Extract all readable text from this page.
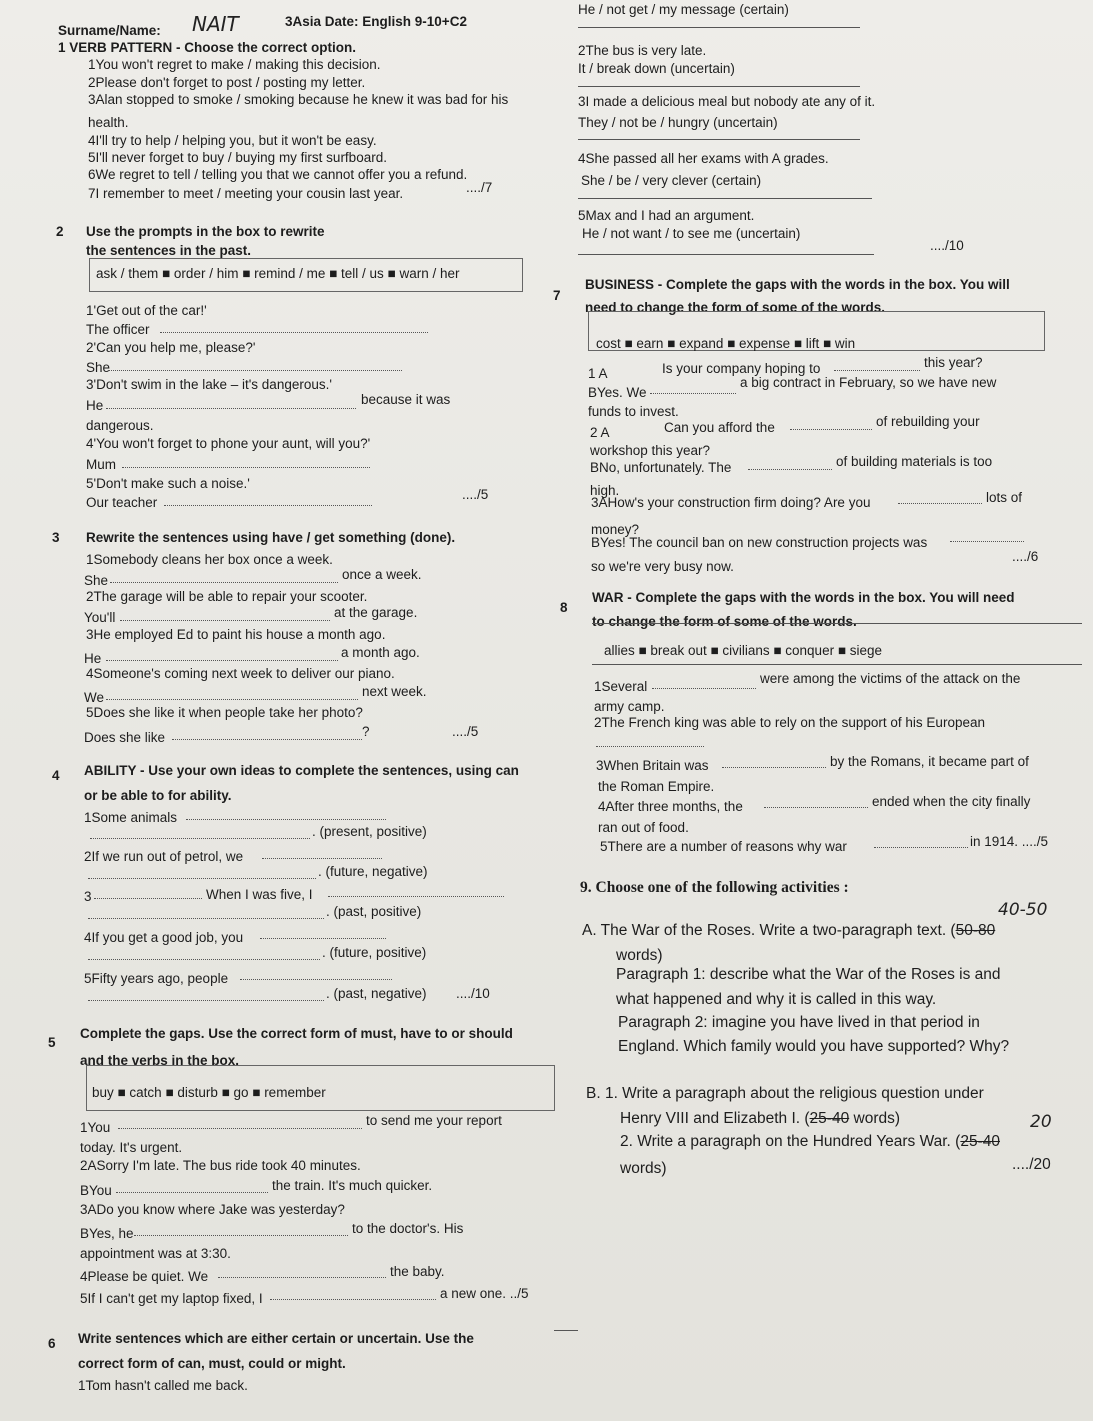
Surname/Name: NAIT	3Asia Date: English 9-10+C2
1 VERB PATTERN - Choose the correct option.
1You won't regret to make / making this decision.
2Please don't forget to post / posting my letter.
3Alan stopped to smoke / smoking because he knew it was bad for his
health.
4I'll try to help / helping you, but it won't be easy.
5I'll never forget to buy / buying my first surfboard.
6We regret to tell / telling you that we cannot offer you a refund.
7I remember to meet / meeting your cousin last year.	..../7
2 Use the prompts in the box to rewrite
the sentences in the past.
ask / them ■ order / him ■ remind / me ■ tell / us ■ warn / her
1'Get out of the car!'
The officer
2'Can you help me, please?'
She
3'Don't swim in the lake – it's dangerous.'
He	because it was
dangerous.
4'You won't forget to phone your aunt, will you?'
Mum
5'Don't make such a noise.'
Our teacher
..../5
3 Rewrite the sentences using have / get something (done).
1Somebody cleans her box once a week.
She	once a week.
2The garage will be able to repair your scooter.
You'll	at the garage.
3He employed Ed to paint his house a month ago.
He	a month ago.
4Someone's coming next week to deliver our piano.
We	next week.
5Does she like it when people take her photo?
Does she like	?	..../5
4 ABILITY - Use your own ideas to complete the sentences, using can
or be able to for ability.
1Some animals
. (present, positive)
2If we run out of petrol, we
. (future, negative)
3	When I was five, I
. (past, positive)
4If you get a good job, you
. (future, positive)
5Fifty years ago, people
. (past, negative) ..../10
5
Complete the gaps. Use the correct form of must, have to or should
and the verbs in the box.
buy ■ catch ■ disturb ■ go ■ remember
1You	to send me your report
today. It's urgent.
2ASorry I'm late. The bus ride took 40 minutes.
BYou	the train. It's much quicker.
3ADo you know where Jake was yesterday?
BYes, he	to the doctor's. His
appointment was at 3:30.
4Please be quiet. We	the baby.
5If I can't get my laptop fixed, I	a new one. ../5
6 Write sentences which are either certain or uncertain. Use the
correct form of can, must, could or might.
1Tom hasn't called me back.
He / not get / my message (certain)
2The bus is very late.
It / break down (uncertain)
3I made a delicious meal but nobody ate any of it.
They / not be / hungry (uncertain)
4She passed all her exams with A grades.
She / be / very clever (certain)
5Max and I had an argument.
He / not want / to see me (uncertain)
..../10
7
BUSINESS - Complete the gaps with the words in the box. You will
need to change the form of some of the words.
cost ■ earn ■ expand ■ expense ■ lift ■ win
1 A	Is your company hoping to	this year?
BYes. We
a big contract in February, so we have new
funds to invest.
2 A	Can you afford the	of rebuilding your
workshop this year?
BNo, unfortunately. The	of building materials is too
high.
3AHow's your construction firm doing? Are you	lots of
money?
BYes! The council ban on new construction projects was
so we're very busy now.
..../6
8
WAR - Complete the gaps with the words in the box. You will need
to change the form of some of the words.
allies ■ break out ■ civilians ■ conquer ■ siege
1Several
were among the victims of the attack on the
army camp.
2The French king was able to rely on the support of his European
3When Britain was	by the Romans, it became part of
the Roman Empire.
4After three months, the	ended when the city finally
ran out of food.
5There are a number of reasons why war	in 1914. ..../5
9. Choose one of the following activities :
40-50
A. The War of the Roses. Write a two-paragraph text. (50-80
words)
Paragraph 1: describe what the War of the Roses is and
what happened and why it is called in this way.
Paragraph 2: imagine you have lived in that period in
England. Which family would you have supported? Why?
B. 1. Write a paragraph about the religious question under
Henry VIII and Elizabeth I. (25-40 words)	20
2. Write a paragraph on the Hundred Years War. (25-40
words)	..../20
